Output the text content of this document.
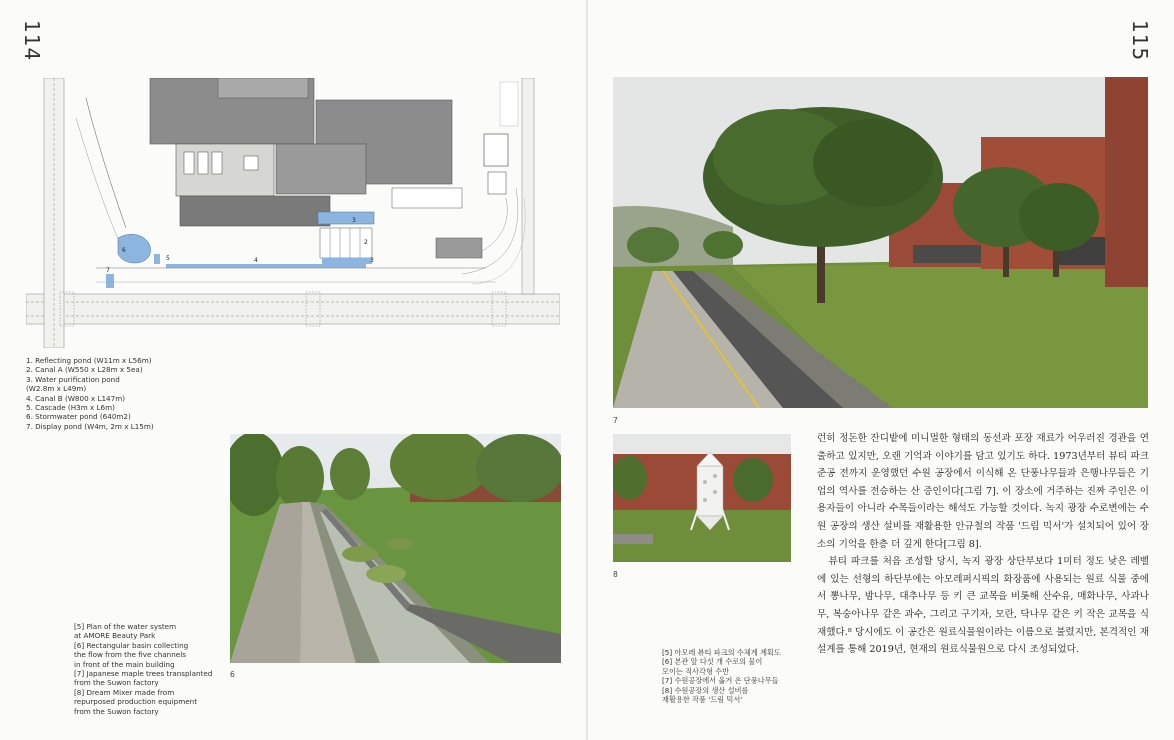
114	115
6
2
3
4
5
7
3
1. Reflecting pond (W11m x L56m)
2. Canal A (W550 x L28m x 5ea)
3. Water purification pond
(W2.8m x L49m)
4. Canal B (W800 x L147m)
5. Cascade (H3m x L6m)
6. Stormwater pond (640m2)
7. Display pond (W4m, 2m x L15m)
6
[5] Plan of the water system
at AMORE Beauty Park
[6] Rectangular basin collecting
the flow from the five channels
in front of the main building
[7] Japanese maple trees transplanted
from the Suwon factory
[8] Dream Mixer made from
repurposed production equipment
from the Suwon factory
7
8
[5] 아모레 뷰티 파크의 수체계 계획도
[6] 본관 앞 다섯 개 수로의 물이
모이는 직사각형 수반
[7] 수원공장에서 옮겨 온 단풍나무들
[8] 수원공장의 생산 설비를
재활용한 작품 '드림 믹서'

런히 정돈한 잔디밭에 미니멀한 형태의 동선과 포장 재료가 어우러진 경관을 연출하고 있지만, 오랜 기억과 이야기를 담고 있기도 하다. 1973년부터 뷰티 파크 준공 전까지 운영했던 수원 공장에서 이식해 온 단풍나무들과 은행나무들은 기업의 역사를 전승하는 산 증인이다[그림 7]. 이 장소에 거주하는 진짜 주인은 이용자들이 아니라 수목들이라는 해석도 가능할 것이다. 녹지 광장 수로변에는 수원 공장의 생산 설비를 재활용한 안규철의 작품 '드림 믹서'가 설치되어 있어 장소의 기억을 한층 더 깊게 한다[그림 8].

뷰티 파크를 처음 조성할 당시, 녹지 광장 상단부보다 1미터 정도 낮은 레벨에 있는 선형의 하단부에는 아모레퍼시픽의 화장품에 사용되는 원료 식물 중에서 뽕나무, 밤나무, 대추나무 등 키 큰 교목을 비롯해 산수유, 매화나무, 사과나무, 복숭아나무 같은 과수, 그리고 구기자, 모란, 닥나무 같은 키 작은 교목을 식재했다.⁸ 당시에도 이 공간은 원료식물원이라는 이름으로 불렸지만, 본격적인 재설계를 통해 2019년, 현재의 원료식물원으로 다시 조성되었다.
